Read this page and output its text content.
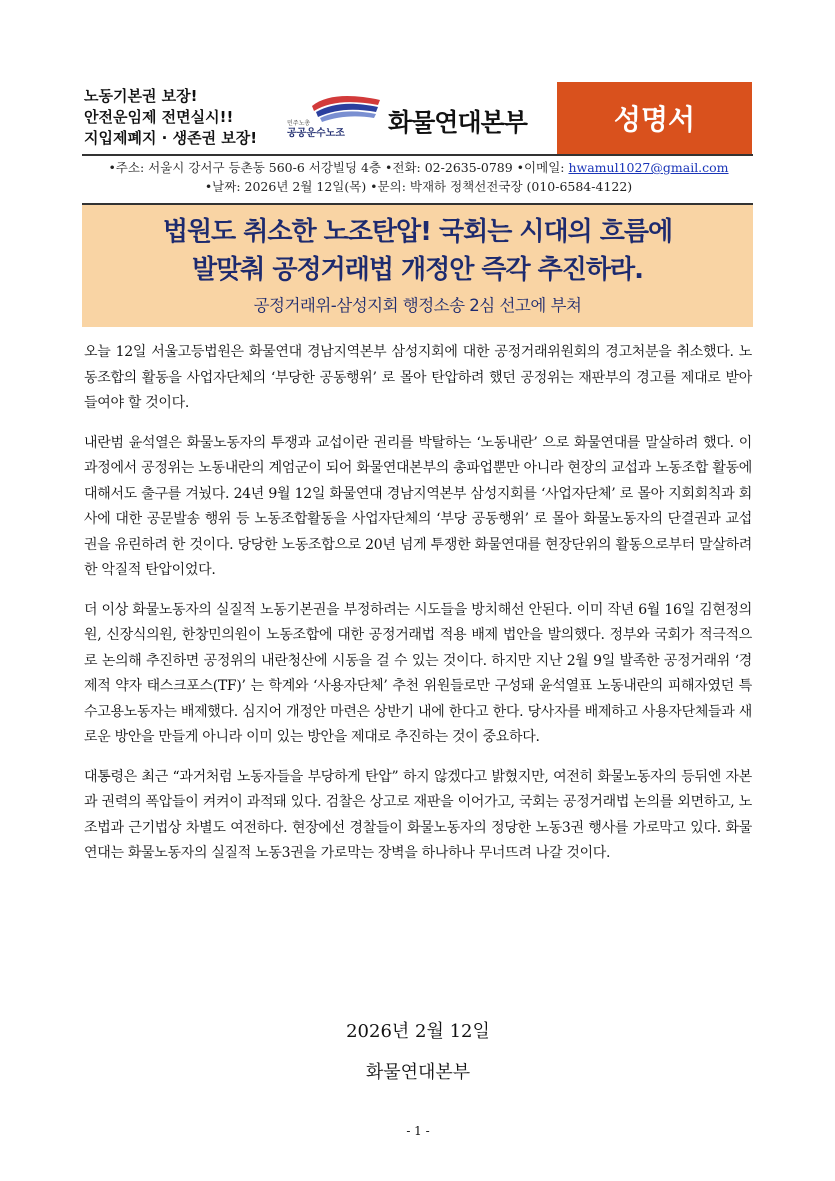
노동기본권 보장!
안전운임제 전면실시!!
지입제폐지 · 생존권 보장!
민주노총
공공운수노조 화물연대본부	성명서
•주소: 서울시 강서구 등촌동 560-6 서강빌딩 4층 •전화: 02-2635-0789 •이메일: hwamul1027@gmail.com
•날짜: 2026년 2월 12일(목) •문의: 박재하 정책선전국장 (010-6584-4122)
법원도 취소한 노조탄압! 국회는 시대의 흐름에
발맞춰 공정거래법 개정안 즉각 추진하라.
공정거래위-삼성지회 행정소송 2심 선고에 부쳐

오늘 12일 서울고등법원은 화물연대 경남지역본부 삼성지회에 대한 공정거래위원회의 경고처분을 취소했다. 노동조합의 활동을 사업자단체의 ‘부당한 공동행위’ 로 몰아 탄압하려 했던 공정위는 재판부의 경고를 제대로 받아들여야 할 것이다.

내란범 윤석열은 화물노동자의 투쟁과 교섭이란 권리를 박탈하는 ‘노동내란’ 으로 화물연대를 말살하려 했다. 이 과정에서 공정위는 노동내란의 계엄군이 되어 화물연대본부의 총파업뿐만 아니라 현장의 교섭과 노동조합 활동에 대해서도 출구를 겨눴다. 24년 9월 12일 화물연대 경남지역본부 삼성지회를 ‘사업자단체’ 로 몰아 지회회칙과 회사에 대한 공문발송 행위 등 노동조합활동을 사업자단체의 ‘부당 공동행위’ 로 몰아 화물노동자의 단결권과 교섭권을 유린하려 한 것이다. 당당한 노동조합으로 20년 넘게 투쟁한 화물연대를 현장단위의 활동으로부터 말살하려 한 악질적 탄압이었다.

더 이상 화물노동자의 실질적 노동기본권을 부정하려는 시도들을 방치해선 안된다. 이미 작년 6월 16일 김현정의원, 신장식의원, 한창민의원이 노동조합에 대한 공정거래법 적용 배제 법안을 발의했다. 정부와 국회가 적극적으로 논의해 추진하면 공정위의 내란청산에 시동을 걸 수 있는 것이다. 하지만 지난 2월 9일 발족한 공정거래위 ‘경제적 약자 태스크포스(TF)’ 는 학계와 ‘사용자단체’ 추천 위원들로만 구성돼 윤석열표 노동내란의 피해자였던 특수고용노동자는 배제했다. 심지어 개정안 마련은 상반기 내에 한다고 한다. 당사자를 배제하고 사용자단체들과 새로운 방안을 만들게 아니라 이미 있는 방안을 제대로 추진하는 것이 중요하다.

대통령은 최근 “과거처럼 노동자들을 부당하게 탄압” 하지 않겠다고 밝혔지만, 여전히 화물노동자의 등뒤엔 자본과 권력의 폭압들이 켜켜이 과적돼 있다. 검찰은 상고로 재판을 이어가고, 국회는 공정거래법 논의를 외면하고, 노조법과 근기법상 차별도 여전하다. 현장에선 경찰들이 화물노동자의 정당한 노동3권 행사를 가로막고 있다. 화물연대는 화물노동자의 실질적 노동3권을 가로막는 장벽을 하나하나 무너뜨려 나갈 것이다.

2026년 2월 12일
화물연대본부
- 1 -
